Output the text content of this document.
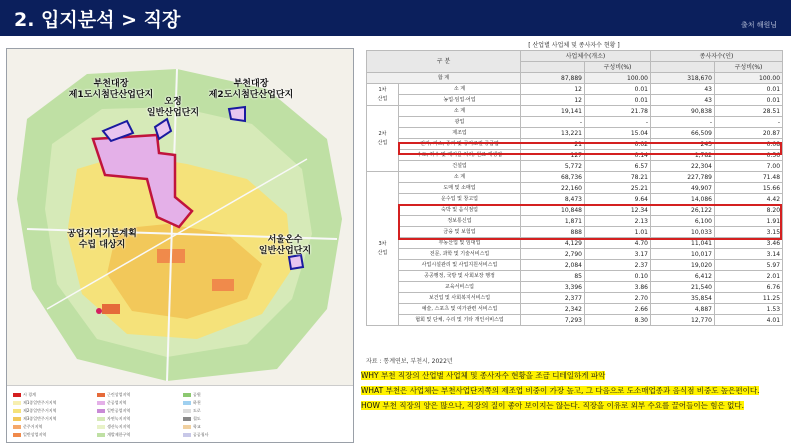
2. 입지분석 > 직장	출처 해원님
부천대장
제1도시첨단산업단지
오정
일반산업단지
부천대장
제2도시첨단산업단지
공업지역기본계획
수립 대상지	서울온수
일반산업단지
시 경계
제1종일반주거지역
제2종일반주거지역
제3종일반주거지역
준주거지역
일반상업지역
근린상업지역
준공업지역
일반공업지역
자연녹지지역
생산녹지지역
개발제한구역
공원
하천
도로
철도
학교
공공청사
[ 산업별 사업체 및 종사자수 현황 ]
구 분		사업체수(개소)		종사자수(인)	
			구성비(%)		구성비(%)
합 계		87,889	100.00	318,670	100.00
1차
산업	소 계	12	0.01	43	0.01
	농업·임업·어업	12	0.01	43	0.01
2차
산업	소 계	19,141	21.78	90,838	28.51
	광업	-	-	-	-
	제조업	13,221	15.04	66,509	20.87
	전기, 가스, 증기 및 공기조절 공급업	21	0.02	243	0.08
	수도, 하수 및 폐기물 처리, 원료 재생업	127	0.14	1,782	0.56
	건설업	5,772	6.57	22,304	7.00
3차
산업	소 계	68,736	78.21	227,789	71.48
	도매 및 소매업	22,160	25.21	49,907	15.66
	운수업 및 창고업	8,473	9.64	14,086	4.42
	숙박 및 음식점업	10,848	12.34	26,122	8.20
	정보통신업	1,871	2.13	6,100	1.91
	금융 및 보험업	888	1.01	10,033	3.15
	부동산업 및 임대업	4,129	4.70	11,041	3.46
	전문, 과학 및 기술서비스업	2,790	3.17	10,017	3.14
	사업시설관리 및 사업지원서비스업	2,084	2.37	19,020	5.97
	공공행정, 국방 및 사회보장 행정	85	0.10	6,412	2.01
	교육서비스업	3,396	3.86	21,540	6.76
	보건업 및 사회복지서비스업	2,377	2.70	35,854	11.25
	예술, 스포츠 및 여가관련 서비스업	2,342	2.66	4,887	1.53
	협회 및 단체, 수리 및 기타 개인서비스업	7,293	8.30	12,770	4.01
자료 : 통계연보, 부천시, 2022년
WHY 부천 직장의 산업별 사업체 및 종사자수 현황을 조금 디테일하게 파악
WHAT 부천은 사업체는 부천사업단지쪽의 제조업 비중이 가장 높고, 그 다음으로 도소매업종과 음식점 비중도 높은편이다.
HOW 부천 직장의 양은 많으나, 직장의 질이 좋아 보이지는 않는다. 직장을 이유로 외부 수요를 끌어들이는 힘은 없다.
